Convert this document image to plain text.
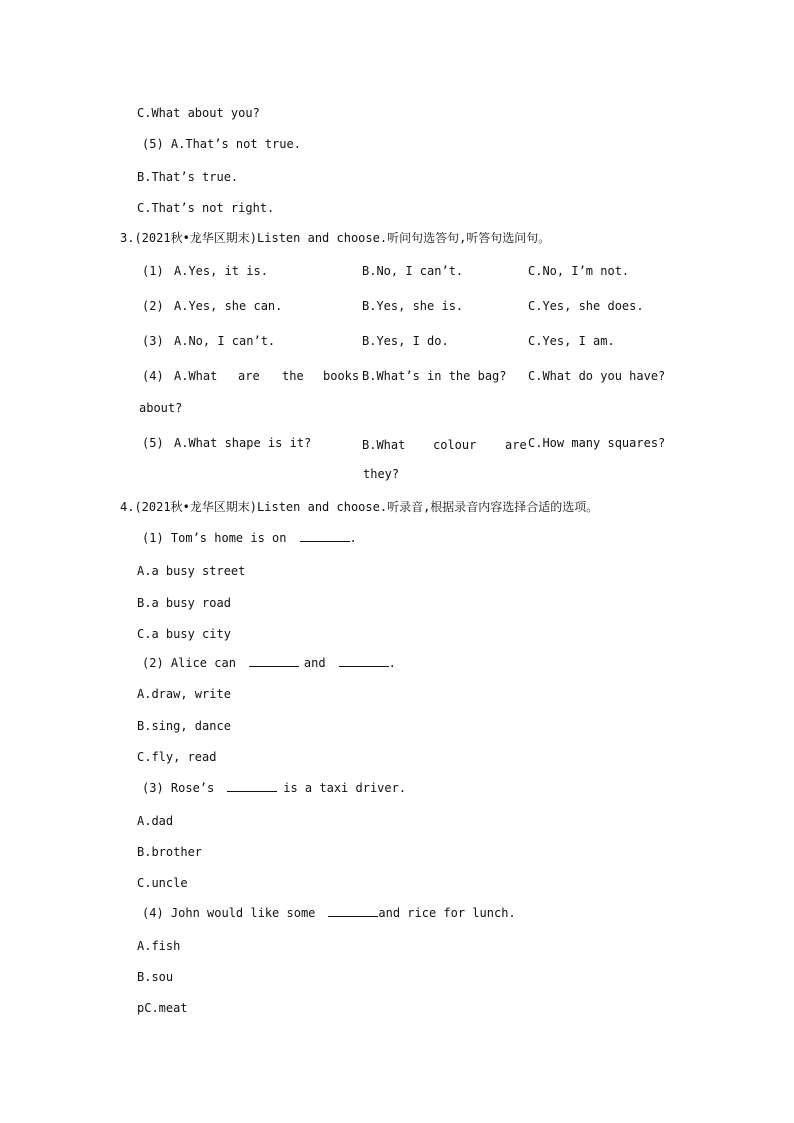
C.What about you?
(5) A.That’s not true.
B.That’s true.
C.That’s not right.
3.(2021秋•龙华区期末)Listen and choose.听问句选答句,听答句选问句。
(1) A.Yes, it is.	B.No, I can’t.	C.No, I’m not.
(2) A.Yes, she can.	B.Yes, she is.	C.Yes, she does.
(3) A.No, I can’t.	B.Yes, I do.	C.Yes, I am.
(4) A.What are the books B.What’s in the bag? C.What do you have?
about?
(5) A.What shape is it?	B.What colour are C.How many squares?
they?
4.(2021秋•龙华区期末)Listen and choose.听录音,根据录音内容选择合适的选项。
(1) Tom’s home is on	.
A.a busy street
B.a busy road
C.a busy city
(2) Alice can	and	.
A.draw, write
B.sing, dance
C.fly, read
(3) Rose’s	is a taxi driver.
A.dad
B.brother
C.uncle
(4) John would like some	and rice for lunch.
A.fish
B.sou
pC.meat
